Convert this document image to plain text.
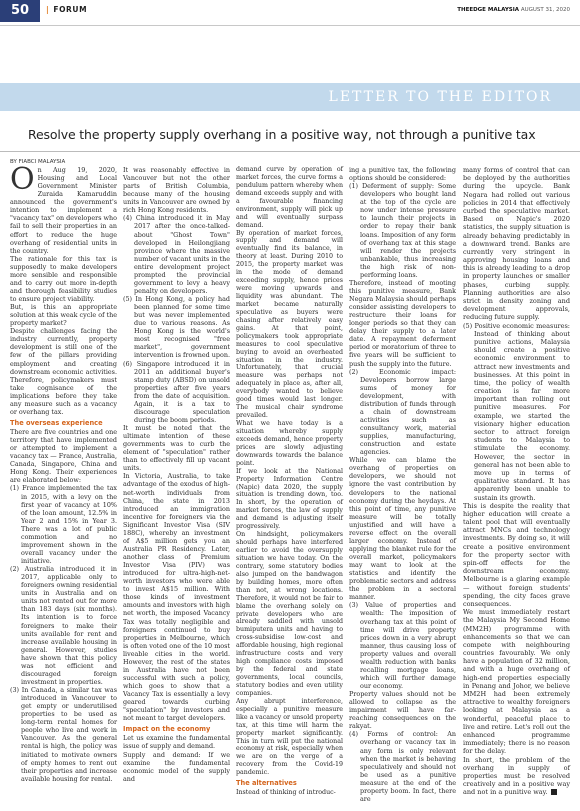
50	| FORUM	THEEDGE MALAYSIA AUGUST 31, 2020
LETTER TO THE EDITOR
Resolve the property supply overhang in a positive way, not through a punitive tax
BY FIABCI MALAYSIA
On Aug 19, 2020, Housing and Local Government Minister Zuraida Kamaruddin announced the government's intention to implement a "vacancy tax" on developers who fail to sell their properties in an effort to reduce the huge overhang of residential units in the country.

The rationale for this tax is supposedly to make developers more sensible and responsible and to carry out more in-depth and thorough feasibility studies to ensure project viability.

But, is this an appropriate solution at this weak cycle of the property market?

Despite challenges facing the industry currently, property development is still one of the few of the pillars providing employment and creating downstream economic activities. Therefore, policymakers must take cognisance of the implications before they take any measure such as a vacancy or overhang tax.

The overseas experience

There are five countries and one territory that have implemented or attempted to implement a vacancy tax — France, Australia, Canada, Singapore, China and Hong Kong. Their experiences are elaborated below:

(1) France implemented the tax in 2015, with a levy on the first year of vacancy at 10% of the loan amount, 12.5% in Year 2 and 15% in Year 3. There was a lot of public commotion and no improvement shown in the overall vacancy under the initiative.
(2) Australia introduced it in 2017, applicable only to foreigners owning residential units in Australia and on units not rented out for more than 183 days (six months). Its intention is to force foreigners to make their units available for rent and increase available housing in general. However, studies have shown that this policy was not efficient and discouraged foreign investment in properties.
(3) In Canada, a similar tax was introduced in Vancouver to get empty or underutilised properties to be used as long-term rental homes for people who live and work in Vancouver. As the general rental is high, the policy was initiated to motivate owners of empty homes to rent out their properties and increase available housing for rental.

It was reasonably effective in Vancouver but not the other parts of British Columbia, because many of the housing units in Vancouver are owned by rich Hong Kong residents.

(4) China introduced it in May 2017 after the once-talked-about "Ghost Town" developed in Heilongjiang province where the massive number of vacant units in the entire development project prompted the provincial government to levy a heavy penalty on developers.
(5) In Hong Kong, a policy had been planned for some time but was never implemented due to various reasons. As Hong Kong is the world's most recognised "free market", government intervention is frowned upon.
(6) Singapore introduced it in 2011 an additional buyer's stamp duty (ABSD) on unsold properties after five years from the date of acquisition. Again, it is a tax to discourage speculation during the boom periods.

It must be noted that the ultimate intention of these governments was to curb the element of "speculation" rather than to effectively fill up vacant units.

In Victoria, Australia, to take advantage of the exodus of high-net-worth individuals from China, the state in 2013 introduced an immigration incentive for foreigners via the Significant Investor Visa (SIV 188C), whereby an investment of A$5 million gets you an Australia PR Residency. Later, another class of Premium Investor Visa (PIV) was introduced for ultra-high-net-worth investors who were able to invest A$15 million. With those kinds of investment amounts and investors with high net worth, the imposed Vacancy Tax was totally negligible and foreigners continued to buy properties in Melbourne, which is often voted one of the 10 most liveable cities in the world. However, the rest of the states in Australia have not been successful with such a policy, which goes to show that a Vacancy Tax is essentially a levy geared towards curbing "speculation" by investors and not meant to target developers.

Impact on the economy

Let us examine the fundamental issue of supply and demand.

Supply and demand: If we examine the fundamental economic model of the supply and

demand curve by operation of market forces, the curve forms a pendulum pattern whereby when demand exceeds supply and with a favourable financing environment, supply will pick up and will eventually surpass demand.

By operation of market forces, supply and demand will eventually find its balance, in theory at least. During 2010 to 2015, the property market was in the mode of demand exceeding supply, hence prices were moving upwards and liquidity was abundant. The market became naturally speculative as buyers were chasing after relatively easy gains. At that point, policymakers took appropriate measures to cool speculative buying to avoid an overheated situation in the industry. Unfortunately, that crucial measure was perhaps not adequately in place as, after all, everybody wanted to believe good times would last longer. The musical chair syndrome prevailed.

What we have today is a situation whereby supply exceeds demand, hence property prices are slowly adjusting downwards towards the balance point.

If we look at the National Property Information Centre (Napic) data 2020, the supply situation is trending down, too. In short, by the operation of market forces, the law of supply and demand is adjusting itself progressively.

On hindsight, policymakers should perhaps have interfered earlier to avoid the oversupply situation we have today. On the contrary, some statutory bodies also jumped on the bandwagon by building homes, more often than not, at wrong locations. Therefore, it would not be fair to blame the overhang solely on private developers who are already saddled with unsold bumiputera units and having to cross-subsidise low-cost and affordable housing, high regional infrastructure costs and very high compliance costs imposed by the federal and state governments, local councils, statutory bodies and even utility companies.

Any abrupt interference, especially a punitive measure like a vacancy or unsold property tax, at this time will harm the property market significantly. This in turn will put the national economy at risk, especially when we are on the verge of a recovery from the Covid-19 pandemic.

The alternatives

Instead of thinking of introduc-

ing a punitive tax, the following options should be considered:

(1) Deferment of supply: Some developers who bought land at the top of the cycle are now under intense pressure to launch their projects in order to repay their bank loans. Imposition of any form of overhang tax at this stage will render the projects unbankable, thus increasing the high risk of non-performing loans.

Therefore, instead of mooting this punitive measure, Bank Negara Malaysia should perhaps consider assisting developers to restructure their loans for longer periods so that they can delay their supply to a later date. A repayment deferment period or moratorium of three to five years will be sufficient to push the supply into the future.

(2) Economic impact: Developers borrow large sums of money for development, with distribution of funds through a chain of downstream activities such as consultancy work, material supplies, manufacturing, construction and estate agencies.

While we can blame the overhang of properties on developers, we should not ignore the vast contribution by developers to the national economy during the heydays. At this point of time, any punitive measure will be totally unjustified and will have a reverse effect on the overall larger economy. Instead of applying the blanket rule for the overall market, policymakers may want to look at the statistics and identify the problematic sectors and address the problem in a sectoral manner.

(3) Value of properties and wealth: The imposition of overhang tax at this point of time will drive property prices down in a very abrupt manner, thus causing loss of property values and overall wealth reduction with banks recalling mortgage loans, which will further damage our economy.

Property values should not be allowed to collapse as the impairment will have far-reaching consequences on the rakyat.

(4) Forms of control: An overhang or vacancy tax in any form is only relevant when the market is behaving speculatively and should not be used as a punitive measure at the end of the property boom. In fact, there are

many forms of control that can be deployed by the authorities during the upcycle. Bank Negara had rolled out various policies in 2014 that effectively curbed the speculative market. Based on Napic's 2020 statistics, the supply situation is already behaving predictably in a downward trend. Banks are currently very stringent in approving housing loans and this is already leading to a drop in property launches or smaller phases, curbing supply. Planning authorities are also strict in density zoning and development approvals, reducing future supply.

(5) Positive economic measures: Instead of thinking about punitive actions, Malaysia should create a positive economic environment to attract new investments and businesses. At this point in time, the policy of wealth creation is far more important than rolling out punitive measures. For example, we started the visionary higher education sector to attract foreign students to Malaysia to stimulate the economy. However, the sector in general has not been able to move up in terms of qualitative standard. It has apparently been unable to sustain its growth.

This is despite the reality that higher education will create a talent pool that will eventually attract MNCs and technology investments. By doing so, it will create a positive environment for the property sector with spin-off effects for the downstream economy. Melbourne is a glaring example — without foreign students' spending, the city faces grave consequences.

We must immediately restart the Malaysia My Second Home (MM2H) programme with enhancements so that we can compete with neighbouring countries favourably. We only have a population of 32 million, and with a huge overhang of high-end properties especially in Penang and Johor, we believe MM2H had been extremely attractive to wealthy foreigners looking at Malaysia as a wonderful, peaceful place to live and retire. Let's roll out the enhanced programme immediately; there is no reason for the delay.

In short, the problem of the overhang in supply of properties must be resolved creatively and in a positive way and not in a punitive way.
